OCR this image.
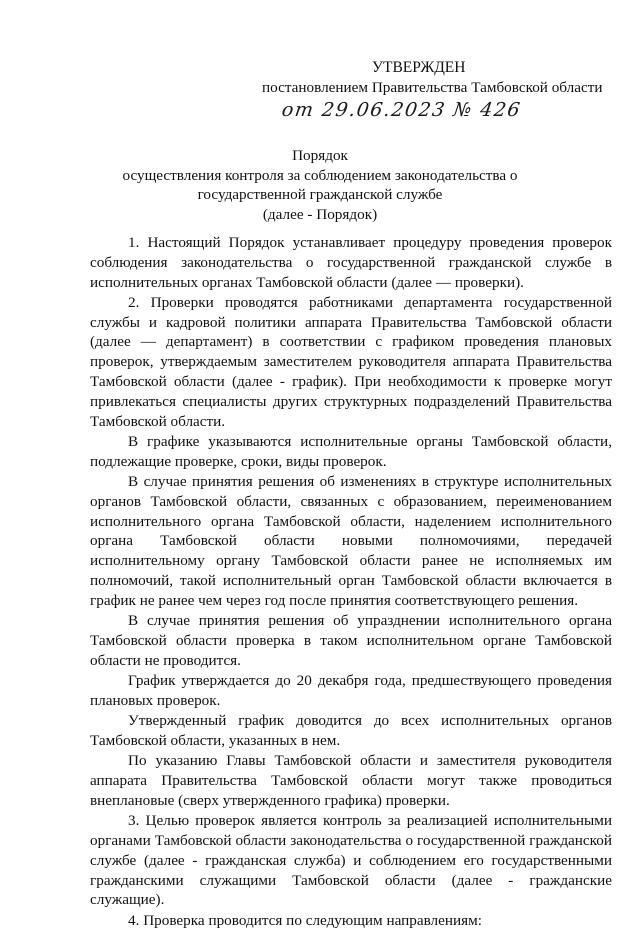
УТВЕРЖДЕН
постановлением Правительства Тамбовской области
от 29.06.2023 № 426
Порядок
осуществления контроля за соблюдением законодательства о
государственной гражданской службе
(далее - Порядок)

1. Настоящий Порядок устанавливает процедуру проведения проверок соблюдения законодательства о государственной гражданской службе в исполнительных органах Тамбовской области (далее — проверки).

2. Проверки проводятся работниками департамента государственной службы и кадровой политики аппарата Правительства Тамбовской области (далее — департамент) в соответствии с графиком проведения плановых проверок, утверждаемым заместителем руководителя аппарата Правительства Тамбовской области (далее - график). При необходимости к проверке могут привлекаться специалисты других структурных подразделений Правительства Тамбовской области.

В графике указываются исполнительные органы Тамбовской области, подлежащие проверке, сроки, виды проверок.

В случае принятия решения об изменениях в структуре исполнительных органов Тамбовской области, связанных с образованием, переименованием исполнительного органа Тамбовской области, наделением исполнительного органа Тамбовской области новыми полномочиями, передачей исполнительному органу Тамбовской области ранее не исполняемых им полномочий, такой исполнительный орган Тамбовской области включается в график не ранее чем через год после принятия соответствующего решения.

В случае принятия решения об упразднении исполнительного органа Тамбовской области проверка в таком исполнительном органе Тамбовской области не проводится.

График утверждается до 20 декабря года, предшествующего проведения плановых проверок.

Утвержденный график доводится до всех исполнительных органов Тамбовской области, указанных в нем.

По указанию Главы Тамбовской области и заместителя руководителя аппарата Правительства Тамбовской области могут также проводиться внеплановые (сверх утвержденного графика) проверки.

3. Целью проверок является контроль за реализацией исполнительными органами Тамбовской области законодательства о государственной гражданской службе (далее - гражданская служба) и соблюдением его государственными гражданскими служащими Тамбовской области (далее - гражданские служащие).

4. Проверка проводится по следующим направлениям:
